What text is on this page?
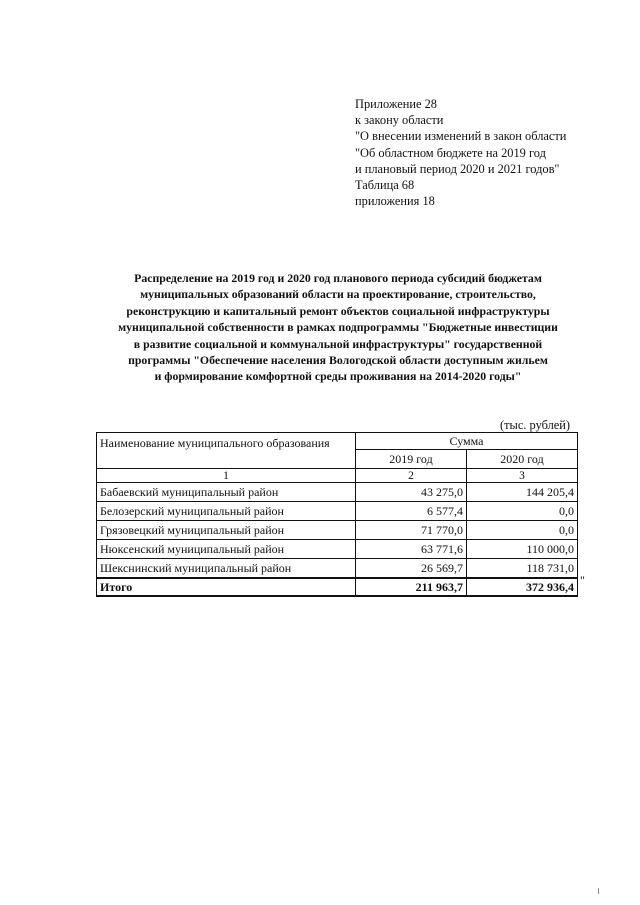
Приложение 28
к закону области
"О внесении изменений в закон области
"Об областном бюджете на 2019 год
и плановый период 2020 и 2021 годов"
Таблица 68
приложения 18
Распределение на 2019 год и 2020 год планового периода субсидий бюджетам
муниципальных образований области на проектирование, строительство,
реконструкцию и капитальный ремонт объектов социальной инфраструктуры
муниципальной собственности в рамках подпрограммы "Бюджетные инвестиции
в развитие социальной и коммунальной инфраструктуры" государственной
программы "Обеспечение населения Вологодской области доступным жильем
и формирование комфортной среды проживания на 2014-2020 годы"
(тыс. рублей)
Наименование муниципального образования	Сумма	
	2019 год	2020 год
1	2	3
Бабаевский муниципальный район	43 275,0	144 205,4
Белозерский муниципальный район	6 577,4	0,0
Грязовецкий муниципальный район	71 770,0	0,0
Нюксенский муниципальный район	63 771,6	110 000,0
Шекснинский муниципальный район	26 569,7	118 731,0
Итого	211 963,7	372 936,4 "
